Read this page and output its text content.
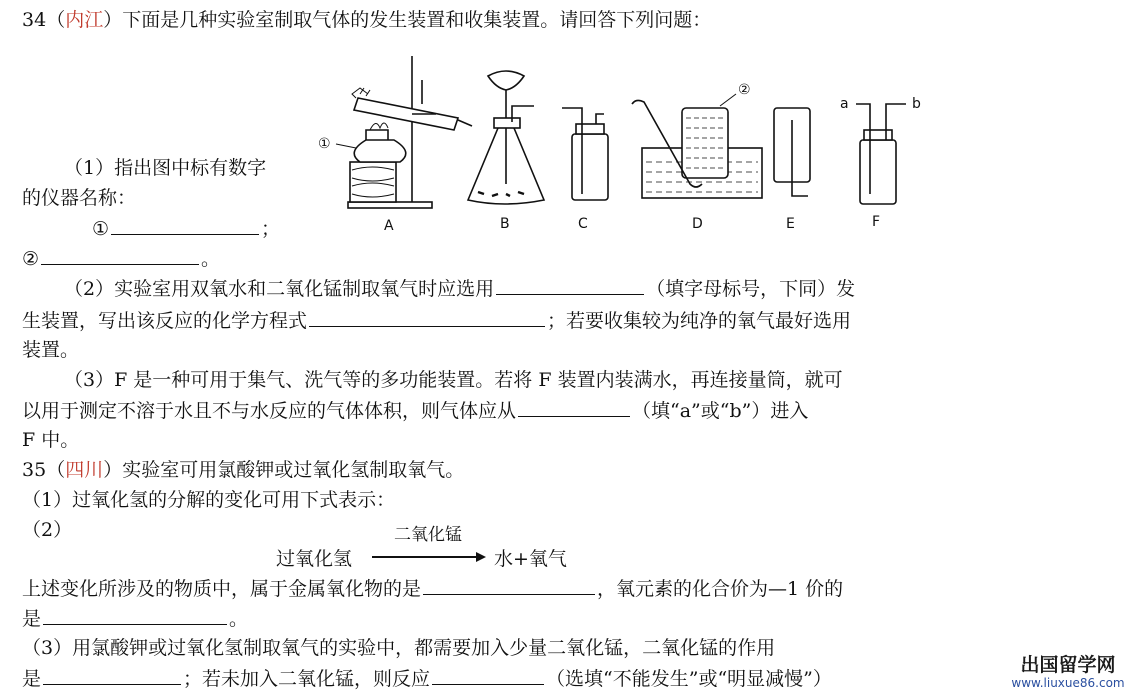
34（内江）下面是几种实验室制取气体的发生装置和收集装置。请回答下列问题：
①
②
a	b
A	B	C	D	E	F
（1）指出图中标有数字
的仪器名称：
①	；
②	。
（2）实验室用双氧水和二氧化锰制取氧气时应选用	（填字母标号，下同）发
生装置，写出该反应的化学方程式	；若要收集较为纯净的氧气最好选用
装置。
（3）F 是一种可用于集气、洗气等的多功能装置。若将 F 装置内装满水，再连接量筒，就可
以用于测定不溶于水且不与水反应的气体体积，则气体应从	（填“a”或“b”）进入
F 中。
35（四川）实验室可用氯酸钾或过氧化氢制取氧气。
（1）过氧化氢的分解的变化可用下式表示：
（2）
过氧化氢
二氧化锰
水+氧气
上述变化所涉及的物质中，属于金属氧化物的是	，氧元素的化合价为—1 价的
是	。
（3）用氯酸钾或过氧化氢制取氧气的实验中，都需要加入少量二氧化锰，二氧化锰的作用
是	；若未加入二氧化锰，则反应	（选填“不能发生”或“明显减慢”）
出国留学网
www.liuxue86.com
